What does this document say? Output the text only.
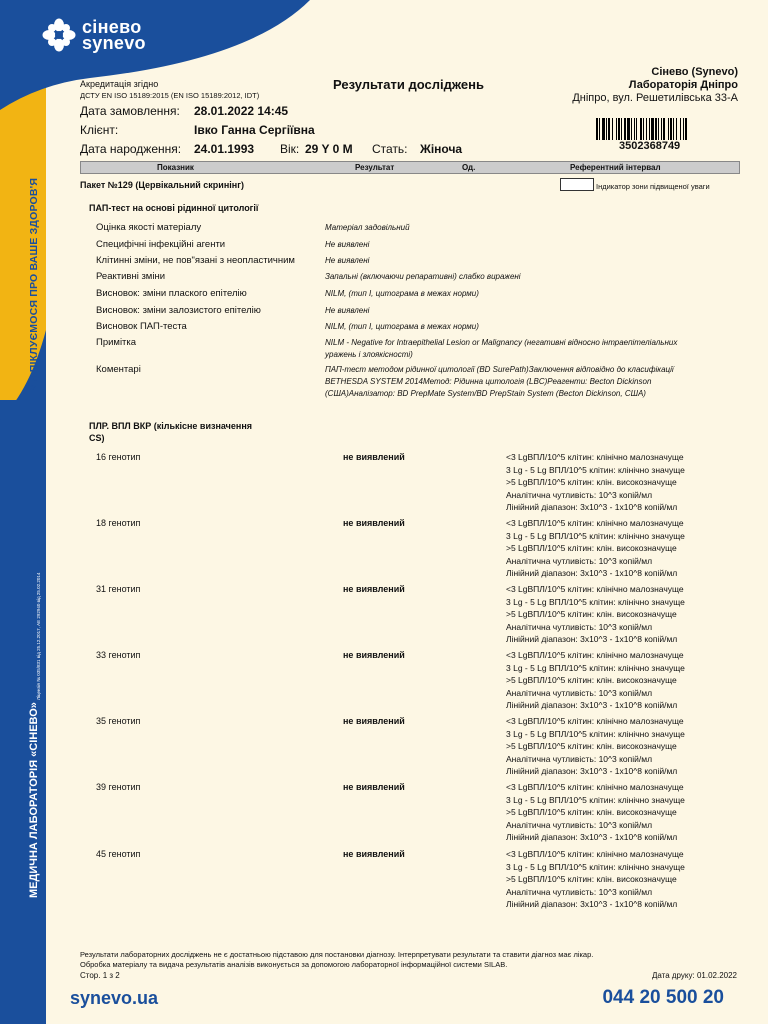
МИ ПІКЛУЄМОСЯ ПРО ВАШЕ ЗДОРОВ'Я
Ліцензія № 035/831 від 25.12.2017, АЕ 292940 від 25.02.2014
МЕДИЧНА ЛАБОРАТОРІЯ «СІНЕВО»
сінево
synevo
Акредитація згідно
ДСТУ EN ISO 15189:2015 (EN ISO 15189:2012, IDT)
Результати досліджень
Сінево (Synevo)
Лабораторія Дніпро
Дніпро, вул. Решетилівська 33-А
Дата замовлення: 28.01.2022 14:45
Клієнт:	Івко Ганна Сергіївна
Дата народження: 24.01.1993 Вік: 29 Y 0 M Стать: Жіноча	3502368749
Показник	Результат	Од.	Референтний інтервал
Пакет №129 (Цервікальний скринінг)	Індикатор зони підвищеної уваги
ПАП-тест на основі рідинної цитології
Оцінка якості матеріалу	Матеріал задовільний
Специфічні інфекційні агенти	Не виявлені
Клітинні зміни, не пов"язані з неопластичним	Не виявлені
Реактивні зміни	Запальні (включаючи репаративні) слабко виражені
Висновок: зміни плаского епітелію	NILM, (тип I, цитограма в межах норми)
Висновок: зміни залозистого епітелію	Не виявлені
Висновок ПАП-теста	NILM, (тип I, цитограма в межах норми)
Примітка	NILM - Negative for Intraepithelial Lesion or Malignancy (негативні відносно інтраепітеліальних уражень і злоякісності)
Коментарі	ПАП-тест методом рідинної цитології (BD SurePath)Заключення відповідно до класифікації BETHESDA SYSTEM 2014Метод: Рідинна цитологія (LBC)Реагенти: Becton Dickinson (США)Аналізатор: BD PrepMate System/BD PrepStain System (Becton Dickinson, США)
ПЛР. ВПЛ ВКР (кількісне визначення
CS)
16 генотип	не виявлений	<3 LgВПЛ/10^5 клітин: клінічно малозначуще
3 Lg - 5 Lg ВПЛ/10^5 клітин: клінічно значуще
>5 LgВПЛ/10^5 клітин: клін. високозначуще
Аналітична чутливість: 10^3 копій/мл
Лінійний діапазон: 3х10^3 - 1х10^8 копій/мл
18 генотип	не виявлений	<3 LgВПЛ/10^5 клітин: клінічно малозначуще
3 Lg - 5 Lg ВПЛ/10^5 клітин: клінічно значуще
>5 LgВПЛ/10^5 клітин: клін. високозначуще
Аналітична чутливість: 10^3 копій/мл
Лінійний діапазон: 3х10^3 - 1х10^8 копій/мл
31 генотип	не виявлений	<3 LgВПЛ/10^5 клітин: клінічно малозначуще
3 Lg - 5 Lg ВПЛ/10^5 клітин: клінічно значуще
>5 LgВПЛ/10^5 клітин: клін. високозначуще
Аналітична чутливість: 10^3 копій/мл
Лінійний діапазон: 3х10^3 - 1х10^8 копій/мл
33 генотип	не виявлений	<3 LgВПЛ/10^5 клітин: клінічно малозначуще
3 Lg - 5 Lg ВПЛ/10^5 клітин: клінічно значуще
>5 LgВПЛ/10^5 клітин: клін. високозначуще
Аналітична чутливість: 10^3 копій/мл
Лінійний діапазон: 3х10^3 - 1х10^8 копій/мл
35 генотип	не виявлений	<3 LgВПЛ/10^5 клітин: клінічно малозначуще
3 Lg - 5 Lg ВПЛ/10^5 клітин: клінічно значуще
>5 LgВПЛ/10^5 клітин: клін. високозначуще
Аналітична чутливість: 10^3 копій/мл
Лінійний діапазон: 3х10^3 - 1х10^8 копій/мл
39 генотип	не виявлений	<3 LgВПЛ/10^5 клітин: клінічно малозначуще
3 Lg - 5 Lg ВПЛ/10^5 клітин: клінічно значуще
>5 LgВПЛ/10^5 клітин: клін. високозначуще
Аналітична чутливість: 10^3 копій/мл
Лінійний діапазон: 3х10^3 - 1х10^8 копій/мл
45 генотип	не виявлений	<3 LgВПЛ/10^5 клітин: клінічно малозначуще
3 Lg - 5 Lg ВПЛ/10^5 клітин: клінічно значуще
>5 LgВПЛ/10^5 клітин: клін. високозначуще
Аналітична чутливість: 10^3 копій/мл
Лінійний діапазон: 3х10^3 - 1х10^8 копій/мл
Результати лабораторних досліджень не є достатньою підставою для постановки діагнозу. Інтерпретувати результати та ставити діагноз має лікар.
Обробка матеріалу та видача результатів аналізів виконується за допомогою лабораторної інформаційної системи SILAB.
Стор. 1 з 2	Дата друку: 01.02.2022
synevo.ua	044 20 500 20
